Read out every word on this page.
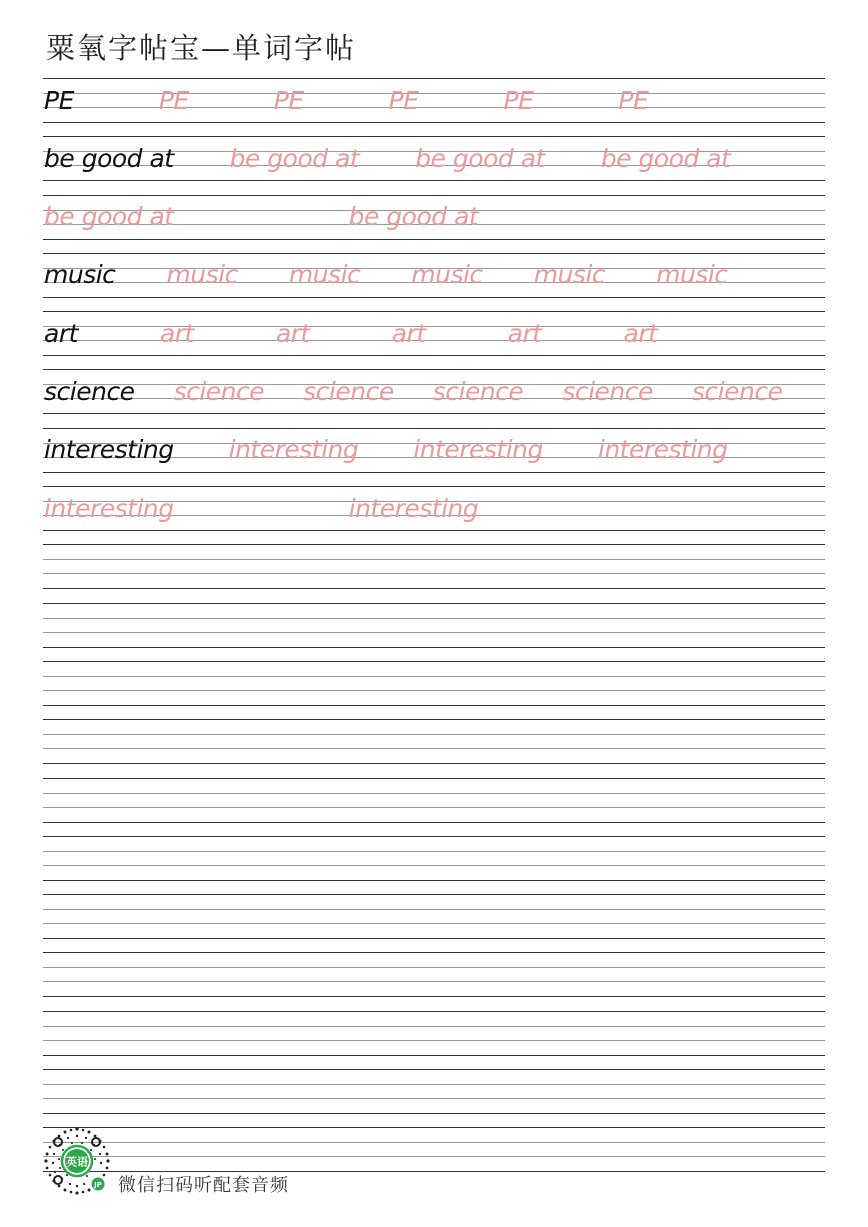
粟氧字帖宝—单词字帖
PE	PE	PE	PE	PE	PE
be good at be good at be good at be good at
be good at	be good at
music music music music music music
art	art	art	art	art	art
science science science science science science
interesting interesting interesting interesting
interesting	interesting
英语
JP 微信扫码听配套音频
